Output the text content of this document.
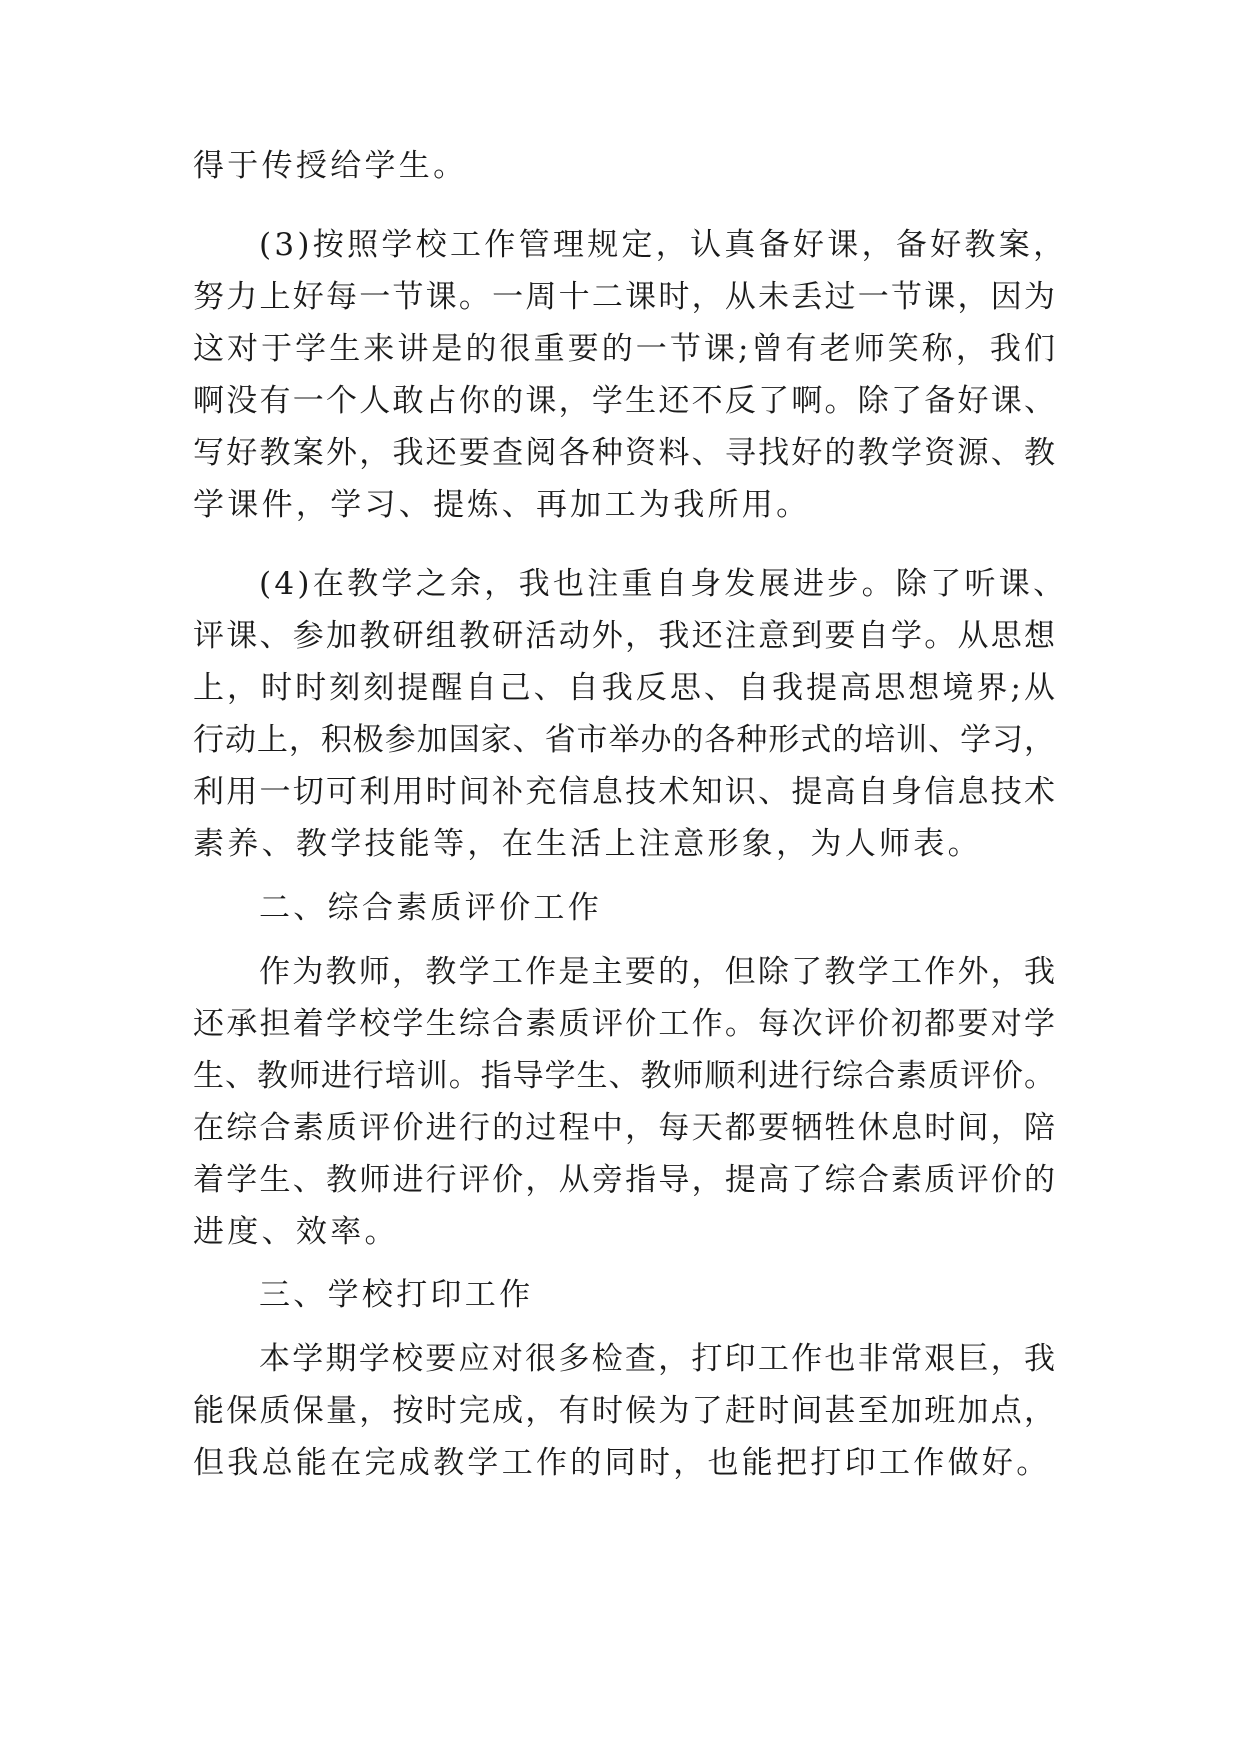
得于传授给学生。
(3)按照学校工作管理规定，认真备好课，备好教案，
努力上好每一节课。一周十二课时，从未丢过一节课，因为
这对于学生来讲是的很重要的一节课;曾有老师笑称，我们
啊没有一个人敢占你的课，学生还不反了啊。除了备好课、
写好教案外，我还要查阅各种资料、寻找好的教学资源、教
学课件，学习、提炼、再加工为我所用。
(4)在教学之余，我也注重自身发展进步。除了听课、
评课、参加教研组教研活动外，我还注意到要自学。从思想
上，时时刻刻提醒自己、自我反思、自我提高思想境界;从
行动上，积极参加国家、省市举办的各种形式的培训、学习，
利用一切可利用时间补充信息技术知识、提高自身信息技术
素养、教学技能等，在生活上注意形象，为人师表。
二、综合素质评价工作
作为教师，教学工作是主要的，但除了教学工作外，我
还承担着学校学生综合素质评价工作。每次评价初都要对学
生、教师进行培训。指导学生、教师顺利进行综合素质评价。
在综合素质评价进行的过程中，每天都要牺牲休息时间，陪
着学生、教师进行评价，从旁指导，提高了综合素质评价的
进度、效率。
三、学校打印工作
本学期学校要应对很多检查，打印工作也非常艰巨，我
能保质保量，按时完成，有时候为了赶时间甚至加班加点，
但我总能在完成教学工作的同时，也能把打印工作做好。
